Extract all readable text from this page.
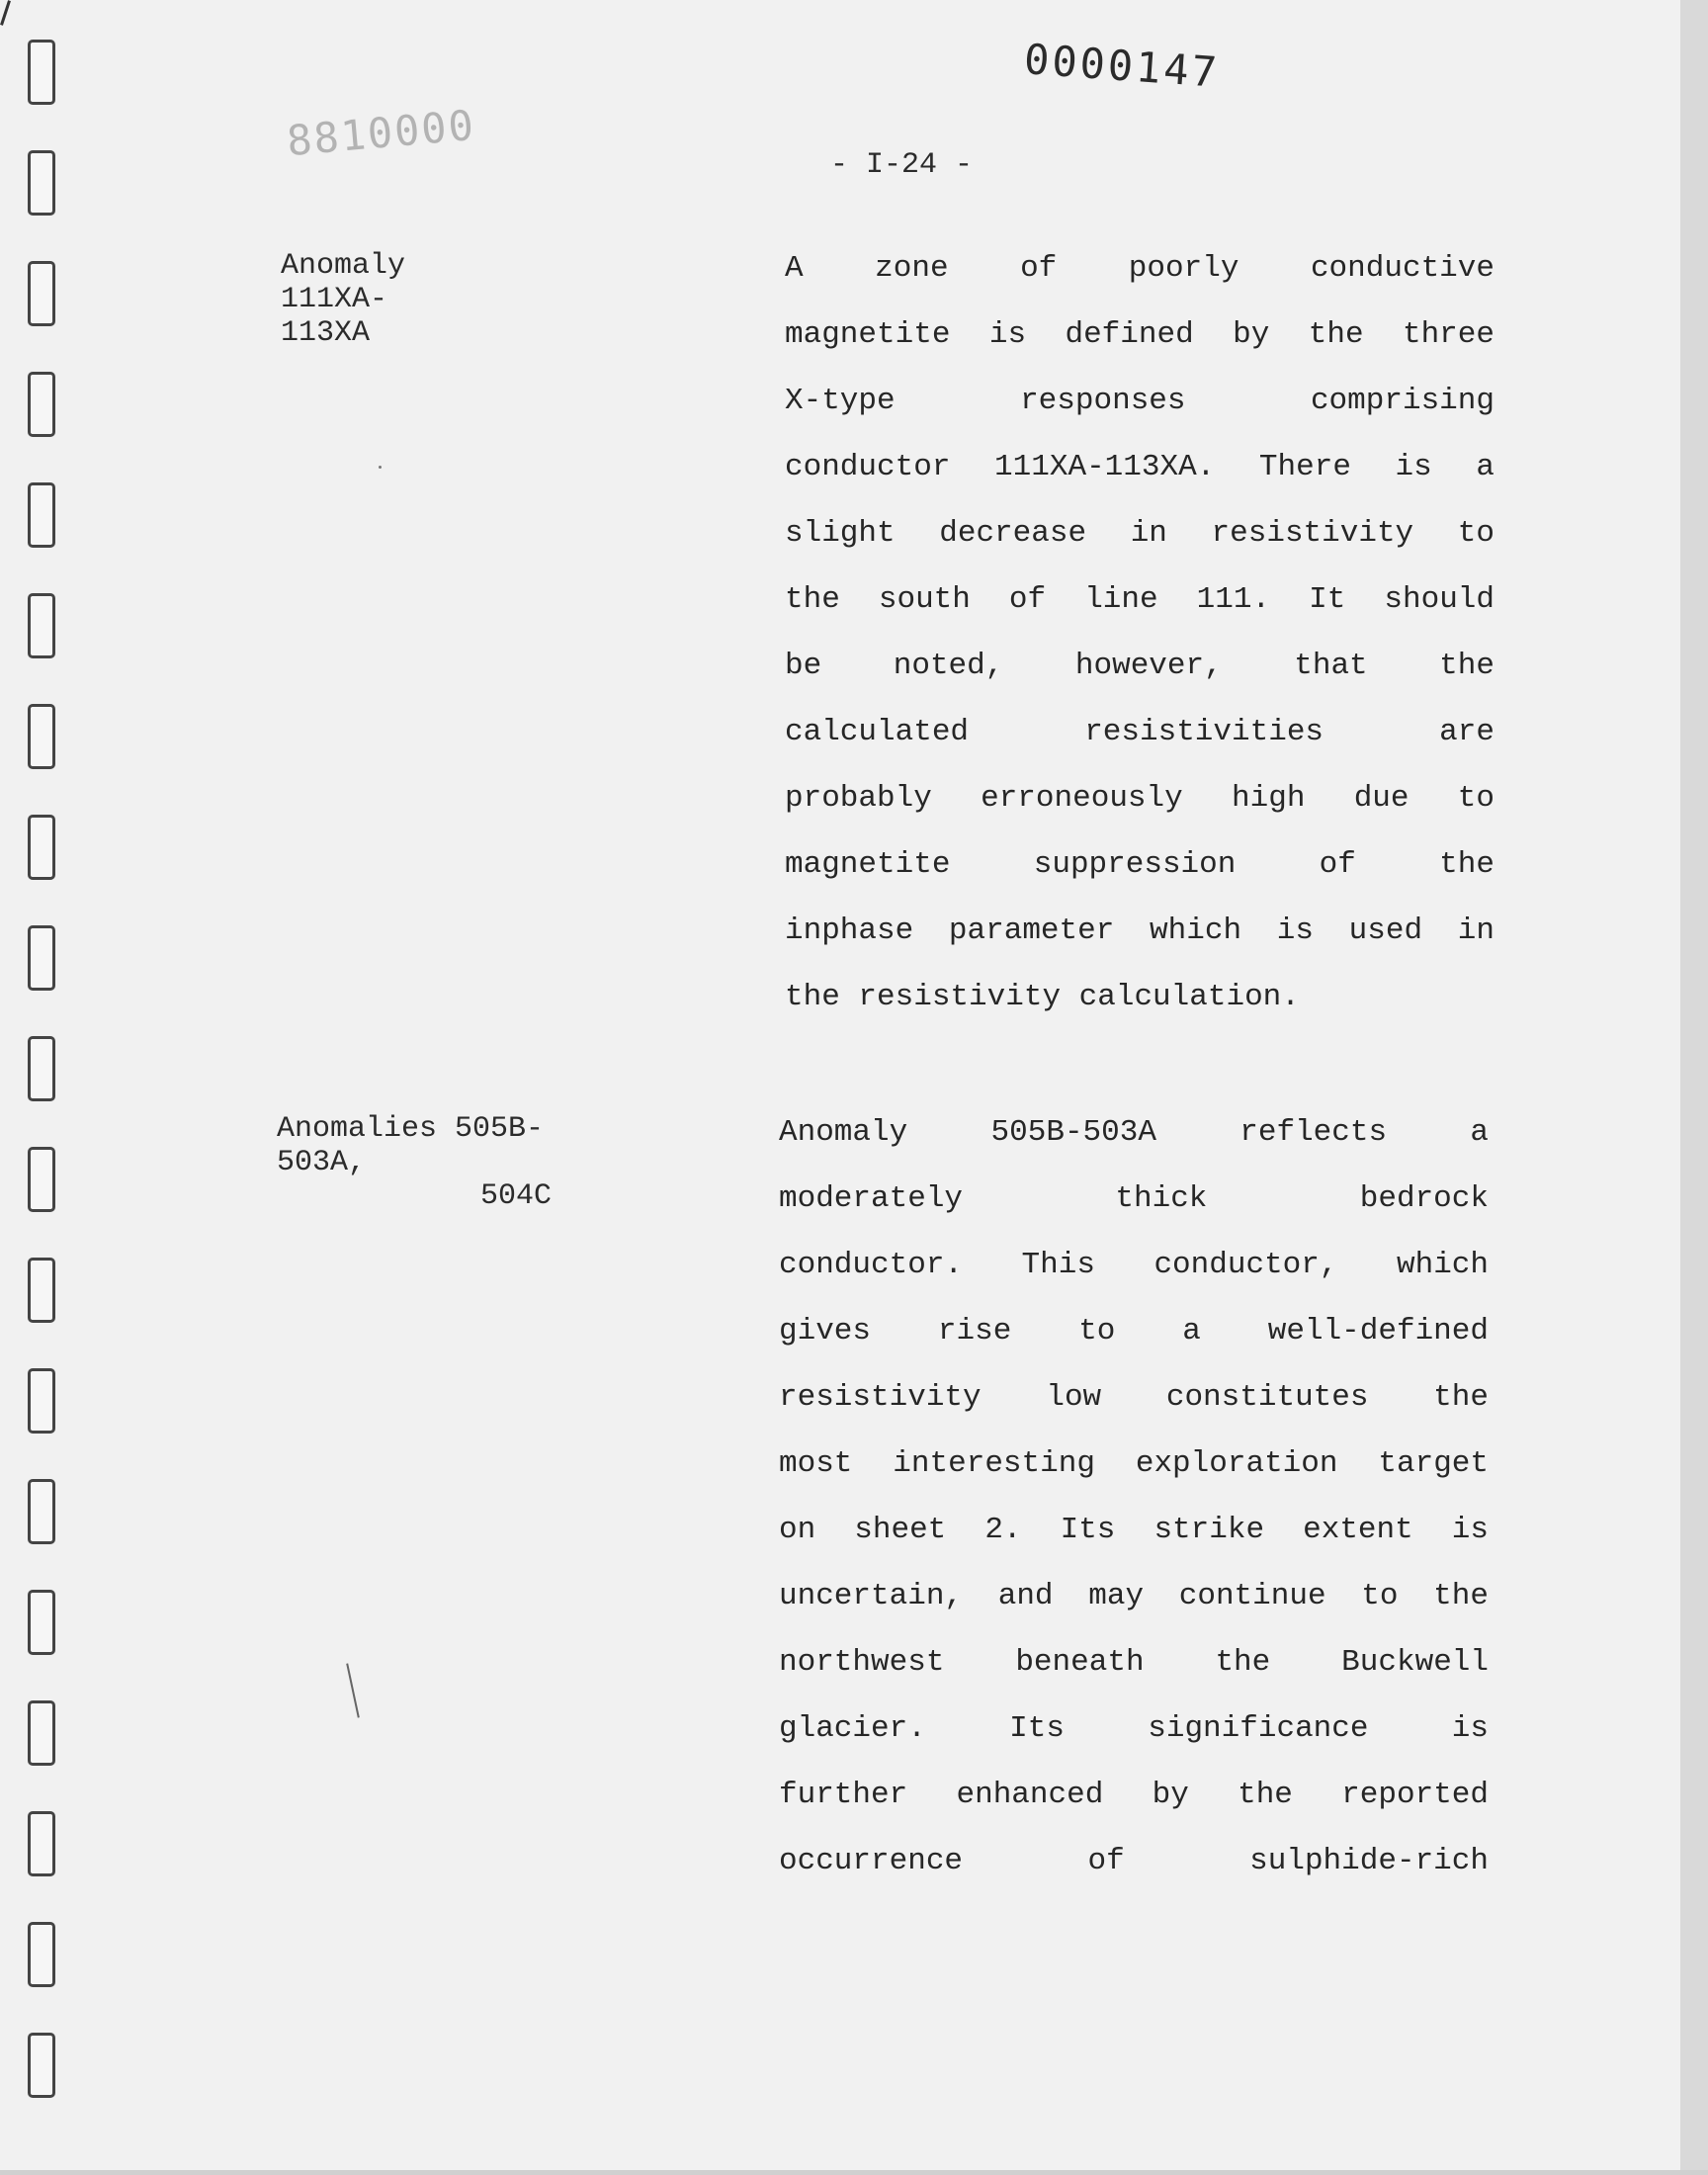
0000147
8810000	- I-24 -
Anomaly 111XA-113XA
A zone of poorly conductive
magnetite is defined by the three
X-type responses comprising
conductor 111XA-113XA. There is a
slight decrease in resistivity to
the south of line 111. It should
be noted, however, that the
calculated resistivities are
probably erroneously high due to
magnetite suppression of the
inphase parameter which is used in
the resistivity calculation.
Anomalies 505B-503A,
504C
Anomaly 505B-503A reflects a
moderately thick bedrock
conductor. This conductor, which
gives rise to a well-defined
resistivity low constitutes the
most interesting exploration target
on sheet 2. Its strike extent is
uncertain, and may continue to the
northwest beneath the Buckwell
glacier. Its significance is
further enhanced by the reported
occurrence of sulphide-rich
